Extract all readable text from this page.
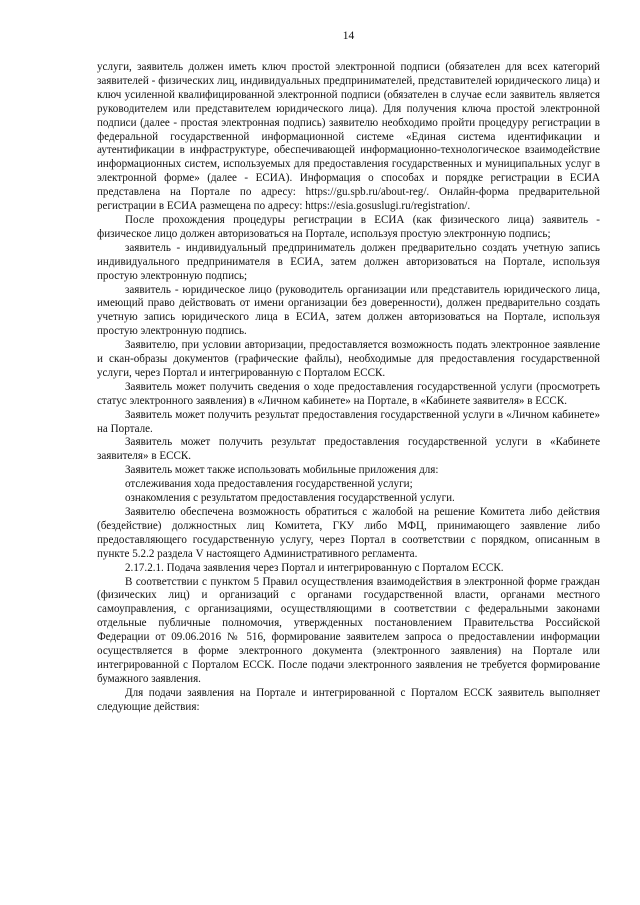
14

услуги, заявитель должен иметь ключ простой электронной подписи (обязателен для всех категорий заявителей - физических лиц, индивидуальных предпринимателей, представителей юридического лица) и ключ усиленной квалифицированной электронной подписи (обязателен в случае если заявитель является руководителем или представителем юридического лица). Для получения ключа простой электронной подписи (далее - простая электронная подпись) заявителю необходимо пройти процедуру регистрации в федеральной государственной информационной системе «Единая система идентификации и аутентификации в инфраструктуре, обеспечивающей информационно-технологическое взаимодействие информационных систем, используемых для предоставления государственных и муниципальных услуг в электронной форме» (далее - ЕСИА). Информация о способах и порядке регистрации в ЕСИА представлена на Портале по адресу: https://gu.spb.ru/about-reg/. Онлайн-форма предварительной регистрации в ЕСИА размещена по адресу: https://esia.gosuslugi.ru/registration/.

После прохождения процедуры регистрации в ЕСИА (как физического лица) заявитель - физическое лицо должен авторизоваться на Портале, используя простую электронную подпись;

заявитель - индивидуальный предприниматель должен предварительно создать учетную запись индивидуального предпринимателя в ЕСИА, затем должен авторизоваться на Портале, используя простую электронную подпись;

заявитель - юридическое лицо (руководитель организации или представитель юридического лица, имеющий право действовать от имени организации без доверенности), должен предварительно создать учетную запись юридического лица в ЕСИА, затем должен авторизоваться на Портале, используя простую электронную подпись.

Заявителю, при условии авторизации, предоставляется возможность подать электронное заявление и скан-образы документов (графические файлы), необходимые для предоставления государственной услуги, через Портал и интегрированную с Порталом ЕССК.

Заявитель может получить сведения о ходе предоставления государственной услуги (просмотреть статус электронного заявления) в «Личном кабинете» на Портале, в «Кабинете заявителя» в ЕССК.

Заявитель может получить результат предоставления государственной услуги в «Личном кабинете» на Портале.

Заявитель может получить результат предоставления государственной услуги в «Кабинете заявителя» в ЕССК.

Заявитель может также использовать мобильные приложения для:

отслеживания хода предоставления государственной услуги;

ознакомления с результатом предоставления государственной услуги.

Заявителю обеспечена возможность обратиться с жалобой на решение Комитета либо действия (бездействие) должностных лиц Комитета, ГКУ либо МФЦ, принимающего заявление либо предоставляющего государственную услугу, через Портал в соответствии с порядком, описанным в пункте 5.2.2 раздела V настоящего Административного регламента.

2.17.2.1. Подача заявления через Портал и интегрированную с Порталом ЕССК.

В соответствии с пунктом 5 Правил осуществления взаимодействия в электронной форме граждан (физических лиц) и организаций с органами государственной власти, органами местного самоуправления, с организациями, осуществляющими в соответствии с федеральными законами отдельные публичные полномочия, утвержденных постановлением Правительства Российской Федерации от 09.06.2016 № 516, формирование заявителем запроса о предоставлении информации осуществляется в форме электронного документа (электронного заявления) на Портале или интегрированной с Порталом ЕССК. После подачи электронного заявления не требуется формирование бумажного заявления.

Для подачи заявления на Портале и интегрированной с Порталом ЕССК заявитель выполняет следующие действия:
